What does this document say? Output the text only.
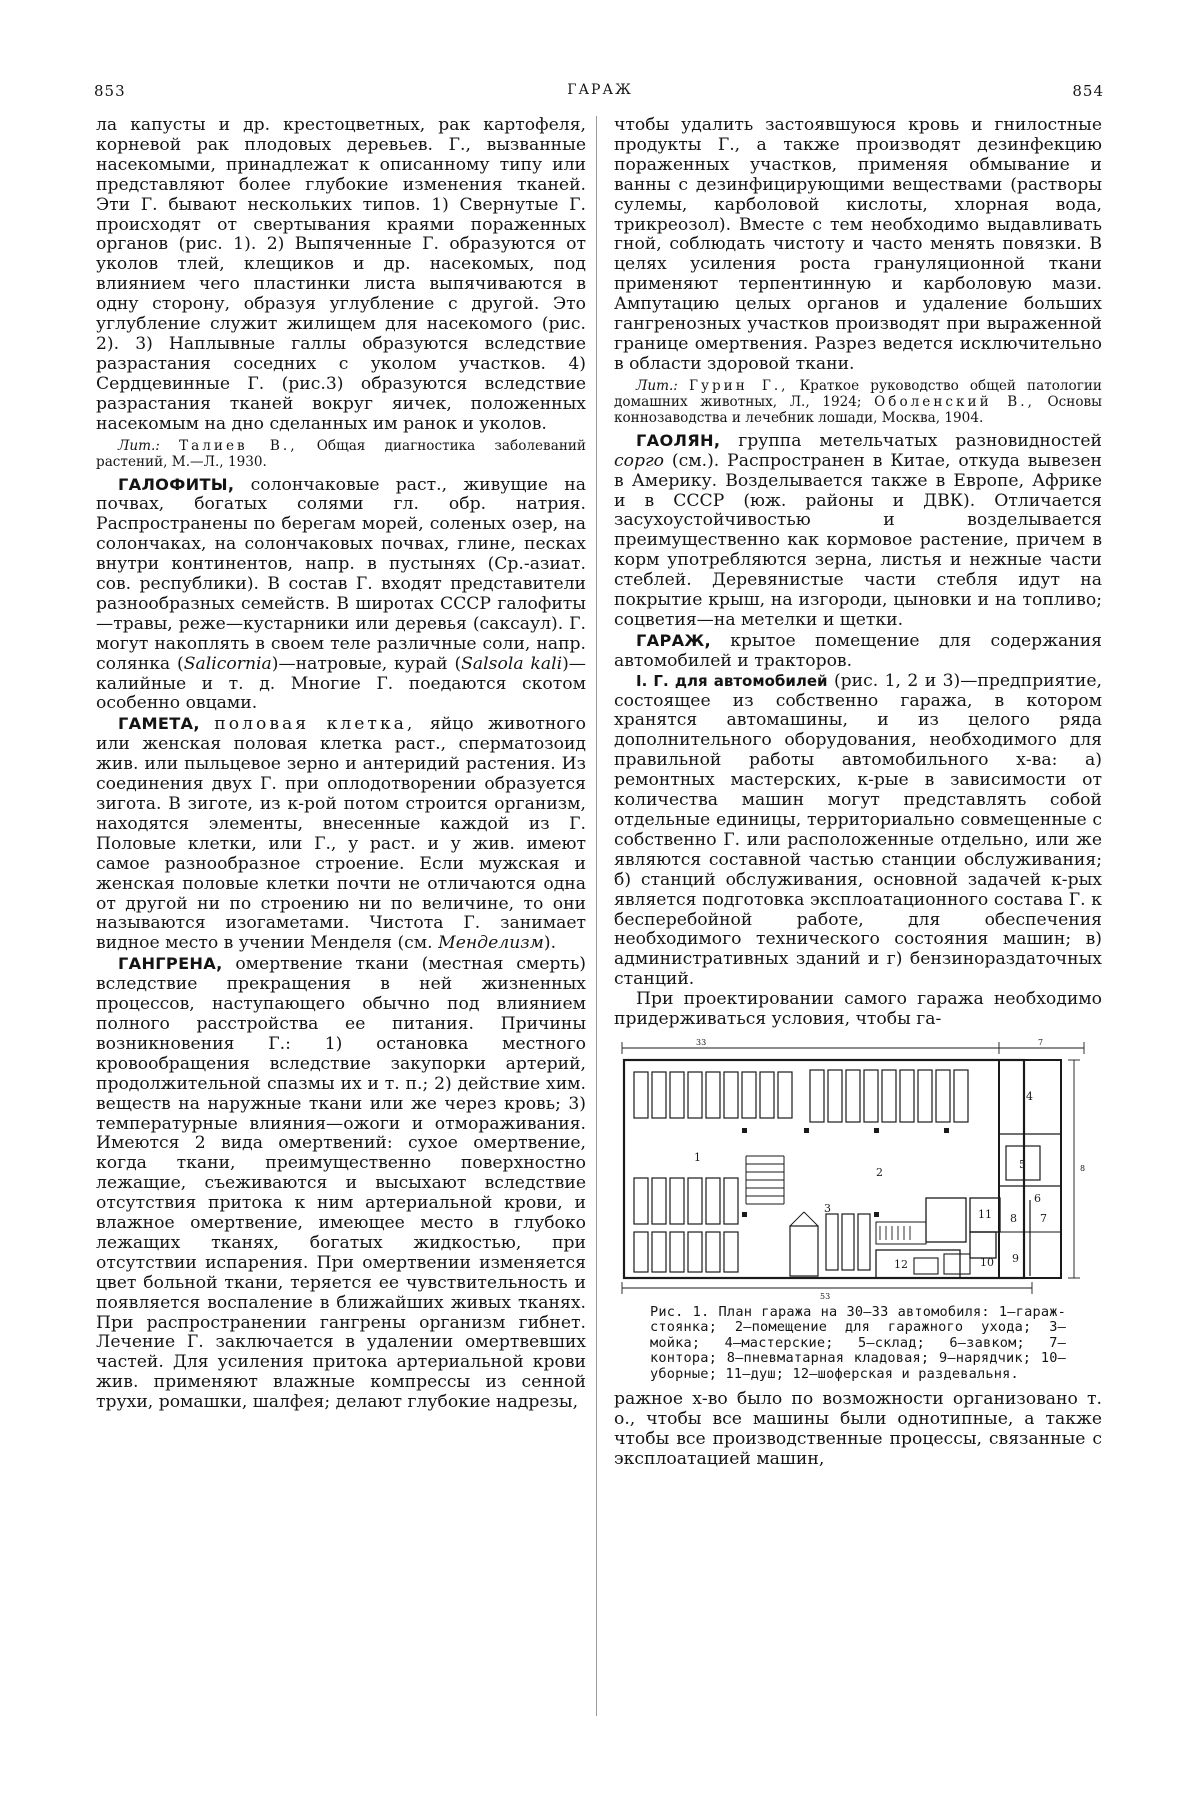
853	ГАРАЖ	854

ла капусты и др. крестоцветных, рак картофеля, корневой рак плодовых деревьев. Г., вызванные насекомыми, принадлежат к описанному типу или представляют более глубокие изменения тканей. Эти Г. бывают нескольких типов. 1) Свернутые Г. происходят от свертывания краями пораженных органов (рис. 1). 2) Выпяченные Г. образуются от уколов тлей, клещиков и др. насекомых, под влиянием чего пластинки листа выпячиваются в одну сторону, образуя углубление с другой. Это углубление служит жилищем для насекомого (рис. 2). 3) Наплывные галлы образуются вследствие разрастания соседних с уколом участков. 4) Сердцевинные Г. (рис.3) образуются вследствие разрастания тканей вокруг яичек, положенных насекомым на дно сделанных им ранок и уколов.

Лит.: Талиев В., Общая диагностика заболеваний растений, М.—Л., 1930.

ГАЛОФИТЫ, солончаковые раст., живущие на почвах, богатых солями гл. обр. натрия. Распространены по берегам морей, соленых озер, на солончаках, на солончаковых почвах, глине, песках внутри континентов, напр. в пустынях (Ср.-азиат. сов. республики). В состав Г. входят представители разнообразных семейств. В широтах СССР галофиты—травы, реже—кустарники или деревья (саксаул). Г. могут накоплять в своем теле различные соли, напр. солянка (Salicornia)—натровые, курай (Salsola kali)—калийные и т. д. Многие Г. поедаются скотом особенно овцами.

ГАМЕТА, половая клетка, яйцо животного или женская половая клетка раст., сперматозоид жив. или пыльцевое зерно и антеридий растения. Из соединения двух Г. при оплодотворении образуется зигота. В зиготе, из к-рой потом строится организм, находятся элементы, внесенные каждой из Г. Половые клетки, или Г., у раст. и у жив. имеют самое разнообразное строение. Если мужская и женская половые клетки почти не отличаются одна от другой ни по строению ни по величине, то они называются изогаметами. Чистота Г. занимает видное место в учении Менделя (см. Менделизм).

ГАНГРЕНА, омертвение ткани (местная смерть) вследствие прекращения в ней жизненных процессов, наступающего обычно под влиянием полного расстройства ее питания. Причины возникновения Г.: 1) остановка местного кровообращения вследствие закупорки артерий, продолжительной спазмы их и т. п.; 2) действие хим. веществ на наружные ткани или же через кровь; 3) температурные влияния—ожоги и отмораживания. Имеются 2 вида омертвений: сухое омертвение, когда ткани, преимущественно поверхностно лежащие, съеживаются и высыхают вследствие отсутствия притока к ним артериальной крови, и влажное омертвение, имеющее место в глубоко лежащих тканях, богатых жидкостью, при отсутствии испарения. При омертвении изменяется цвет больной ткани, теряется ее чувствительность и появляется воспаление в ближайших живых тканях. При распространении гангрены организм гибнет. Лечение Г. заключается в удалении омертвевших частей. Для усиления притока артериальной крови жив. применяют влажные компрессы из сенной трухи, ромашки, шалфея; делают глубокие надрезы,

чтобы удалить застоявшуюся кровь и гнилостные продукты Г., а также производят дезинфекцию пораженных участков, применяя обмывание и ванны с дезинфицирующими веществами (растворы сулемы, карболовой кислоты, хлорная вода, трикреозол). Вместе с тем необходимо выдавливать гной, соблюдать чистоту и часто менять повязки. В целях усиления роста грануляционной ткани применяют терпентинную и карболовую мази. Ампутацию целых органов и удаление больших гангренозных участков производят при выраженной границе омертвения. Разрез ведется исключительно в области здоровой ткани.

Лит.: Гурин Г., Краткое руководство общей патологии домашних животных, Л., 1924; Оболенский В., Основы коннозаводства и лечебник лошади, Москва, 1904.

ГАОЛЯН, группа метельчатых разновидностей сорго (см.). Распространен в Китае, откуда вывезен в Америку. Возделывается также в Европе, Африке и в СССР (юж. районы и ДВК). Отличается засухоустойчивостью и возделывается преимущественно как кормовое растение, причем в корм употребляются зерна, листья и нежные части стеблей. Деревянистые части стебля идут на покрытие крыш, на изгороди, цыновки и на топливо; соцветия—на метелки и щетки.

ГАРАЖ, крытое помещение для содержания автомобилей и тракторов.

I. Г. для автомобилей (рис. 1, 2 и 3)—предприятие, состоящее из собственно гаража, в котором хранятся автомашины, и из целого ряда дополнительного оборудования, необходимого для правильной работы автомобильного х-ва: а) ремонтных мастерских, к-рые в зависимости от количества машин могут представлять собой отдельные единицы, территориально совмещенные с собственно Г. или расположенные отдельно, или же являются составной частью станции обслуживания; б) станций обслуживания, основной задачей к-рых является подготовка эксплоатационного состава Г. к бесперебойной работе, для обеспечения необходимого технического состояния машин; в) административных зданий и г) бензинораздаточных станций.

При проектировании самого гаража необходимо придерживаться условия, чтобы га-

1
2
3
4
5
6
7
8
9
10
11
12
33	7
8
53
Рис. 1. План гаража на 30—33 автомобиля: 1—гараж-стоянка; 2—помещение для гаражного ухода; 3—мойка; 4—мастерские; 5—склад; 6—завком; 7—контора; 8—пневматарная кладовая; 9—нарядчик; 10—уборные; 11—душ; 12—шоферская и раздевальня.

ражное х-во было по возможности организовано т. о., чтобы все машины были однотипные, а также чтобы все производственные процессы, связанные с эксплоатацией машин,
